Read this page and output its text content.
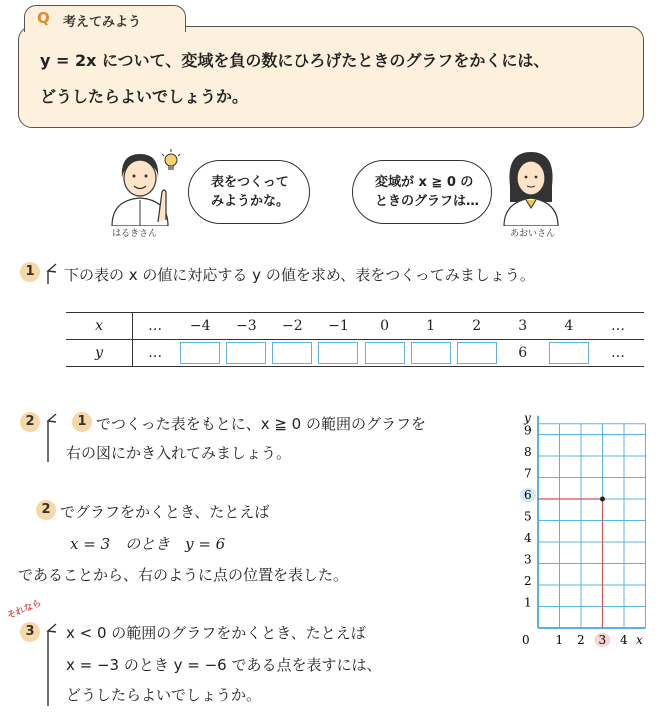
Q 考えてみよう
y = 2x について、変域を負の数にひろげたときのグラフをかくには、
どうしたらよいでしょうか。
はるきさん
表をつくって
みようかな。
変域が x ≧ 0 の
ときのグラフは…
あおいさん
1	下の表の x の値に対応する y の値を求め、表をつくってみましょう。
x	…	−4	−3	−2	−1	0	1	2	3	4	…
y	…								6		…
2	1 でつくった表をもとに、x ≧ 0 の範囲のグラフを
右の図にかき入れてみましょう。
2 でグラフをかくとき、たとえば
x = 3　のとき　y = 6
であることから、右のように点の位置を表した。
それなら
3	x < 0 の範囲のグラフをかくとき、たとえば
x = −3 のとき y = −6 である点を表すには、
どうしたらよいでしょうか。
y
x
0
1
2
3
4
5
6
7
8
9
1 2 3 4
